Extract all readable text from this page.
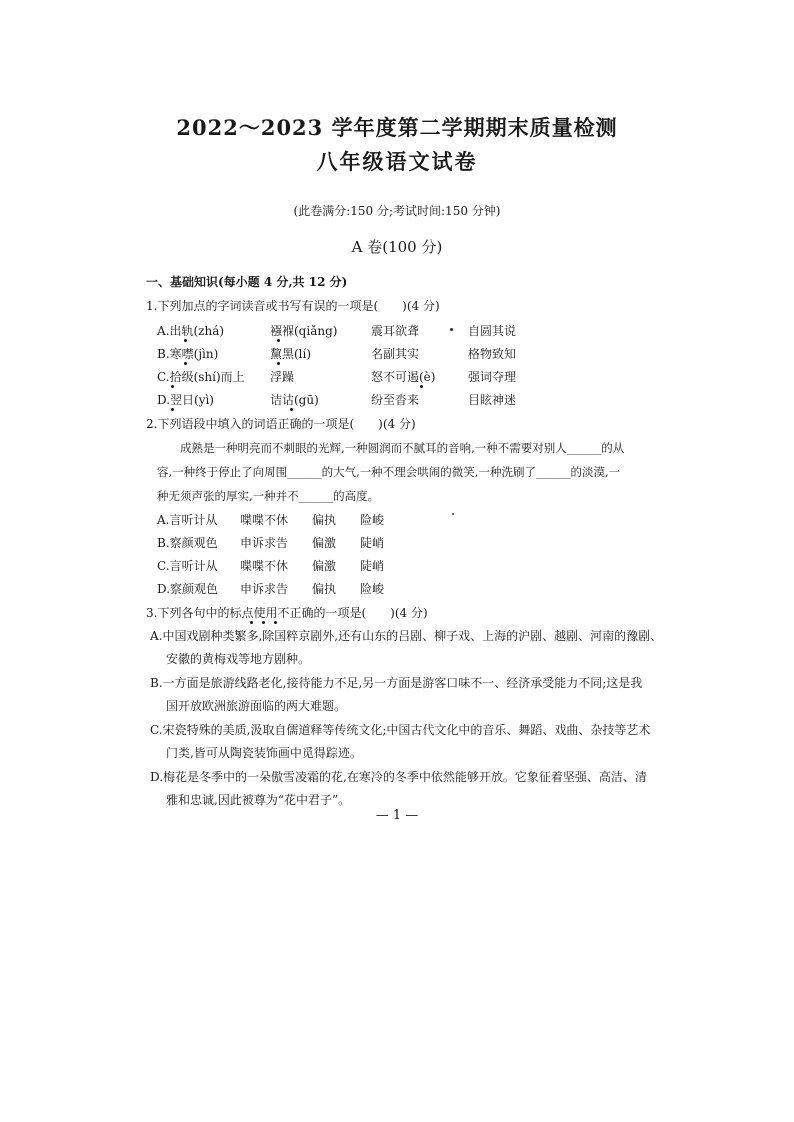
2022～2023 学年度第二学期期末质量检测
八年级语文试卷
(此卷满分:150 分;考试时间:150 分钟)
A 卷(100 分)
一、基础知识(每小题 4 分,共 12 分)
1.下列加点的字词读音或书写有误的一项是(　　)(4 分)
A.出轨(zhá)	襁褓(qiǎng)	震耳欲聋	自圆其说
B.寒噤(jìn)	黧黑(lí)	名副其实	格物致知
C.拾级(shí)而上 浮躁	怒不可遏(è)	强词夺理
D.翌日(yì)	诘诂(gū)	纷至沓来	目眩神迷
2.下列语段中填入的词语正确的一项是(　　)(4 分)
成熟是一种明亮而不刺眼的光辉,一种圆润而不腻耳的音响,一种不需要对别人______的从
容,一种终于停止了向周围______的大气,一种不理会哄闹的微笑,一种洗刷了______的淡漠,一
种无须声张的厚实,一种并不______的高度。
A.言听计从 喋喋不休 偏执 险峻
B.察颜观色 申诉求告 偏激 陡峭
C.言听计从 喋喋不休 偏激 陡峭
D.察颜观色 申诉求告 偏执 险峻
3.下列各句中的标点使用不正确的一项是(　　)(4 分)
A.中国戏剧种类繁多,除国粹京剧外,还有山东的吕剧、柳子戏、上海的沪剧、越剧、河南的豫剧、
安徽的黄梅戏等地方剧种。
B.一方面是旅游线路老化,接待能力不足,另一方面是游客口味不一、经济承受能力不同;这是我
国开放欧洲旅游面临的两大难题。
C.宋瓷特殊的美质,汲取自儒道释等传统文化;中国古代文化中的音乐、舞蹈、戏曲、杂技等艺术
门类,皆可从陶瓷装饰画中觅得踪迹。
D.梅花是冬季中的一朵傲雪凌霜的花,在寒冷的冬季中依然能够开放。它象征着坚强、高洁、清
雅和忠诚,因此被尊为“花中君子”。
— 1 —
